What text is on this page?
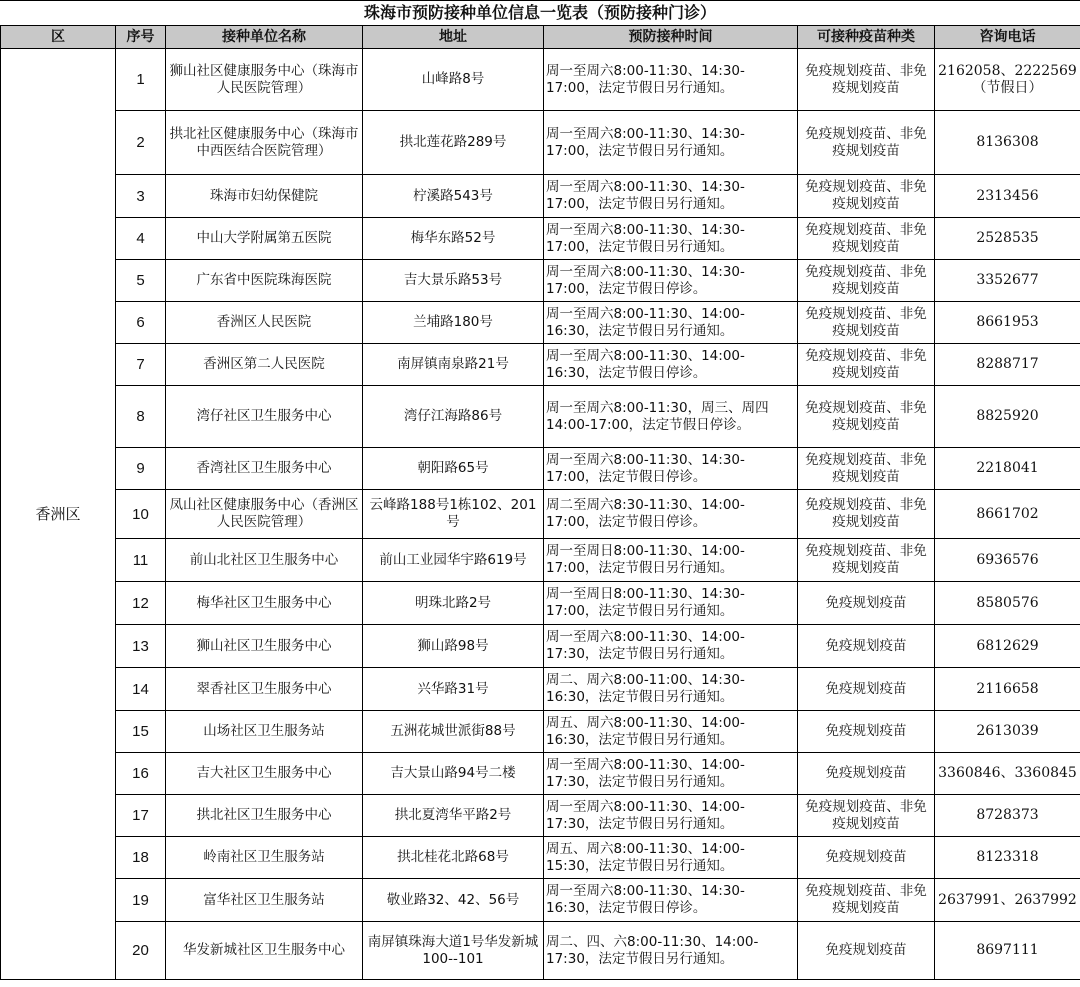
珠海市预防接种单位信息一览表（预防接种门诊）
区	序号	接种单位名称	地址	预防接种时间	可接种疫苗种类	咨询电话
香洲区	1	狮山社区健康服务中心（珠海市人民医院管理）	山峰路8号	周一至周六8:00-11:30、14:30-17:00，法定节假日另行通知。	免疫规划疫苗、非免疫规划疫苗	2162058、2222569（节假日）
	2	拱北社区健康服务中心（珠海市中西医结合医院管理）	拱北莲花路289号	周一至周六8:00-11:30、14:30-17:00，法定节假日另行通知。	免疫规划疫苗、非免疫规划疫苗	8136308
	3	珠海市妇幼保健院	柠溪路543号	周一至周六8:00-11:30、14:30-17:00，法定节假日另行通知。	免疫规划疫苗、非免疫规划疫苗	2313456
	4	中山大学附属第五医院	梅华东路52号	周一至周六8:00-11:30、14:30-17:00，法定节假日另行通知。	免疫规划疫苗、非免疫规划疫苗	2528535
	5	广东省中医院珠海医院	吉大景乐路53号	周一至周六8:00-11:30、14:30-17:00，法定节假日停诊。	免疫规划疫苗、非免疫规划疫苗	3352677
	6	香洲区人民医院	兰埔路180号	周一至周六8:00-11:30、14:00-16:30，法定节假日另行通知。	免疫规划疫苗、非免疫规划疫苗	8661953
	7	香洲区第二人民医院	南屏镇南泉路21号	周一至周六8:00-11:30、14:00-16:30，法定节假日停诊。	免疫规划疫苗、非免疫规划疫苗	8288717
	8	湾仔社区卫生服务中心	湾仔江海路86号	周一至周六8:00-11:30，周三、周四14:00-17:00，法定节假日停诊。	免疫规划疫苗、非免疫规划疫苗	8825920
	9	香湾社区卫生服务中心	朝阳路65号	周一至周六8:00-11:30、14:30-17:00，法定节假日停诊。	免疫规划疫苗、非免疫规划疫苗	2218041
	10	凤山社区健康服务中心（香洲区人民医院管理）	云峰路188号1栋102、201号	周二至周六8:30-11:30、14:00-17:00，法定节假日停诊。	免疫规划疫苗、非免疫规划疫苗	8661702
	11	前山北社区卫生服务中心	前山工业园华宇路619号	周一至周日8:00-11:30、14:00-17:00，法定节假日另行通知。	免疫规划疫苗、非免疫规划疫苗	6936576
	12	梅华社区卫生服务中心	明珠北路2号	周一至周日8:00-11:30、14:30-17:00，法定节假日另行通知。	免疫规划疫苗	8580576
	13	狮山社区卫生服务中心	狮山路98号	周一至周六8:00-11:30、14:00-17:30，法定节假日另行通知。	免疫规划疫苗	6812629
	14	翠香社区卫生服务中心	兴华路31号	周二、周六8:00-11:00、14:30-16:30，法定节假日另行通知。	免疫规划疫苗	2116658
	15	山场社区卫生服务站	五洲花城世派街88号	周五、周六8:00-11:30、14:00-16:30，法定节假日另行通知。	免疫规划疫苗	2613039
	16	吉大社区卫生服务中心	吉大景山路94号二楼	周一至周六8:00-11:30、14:00-17:30，法定节假日另行通知。	免疫规划疫苗	3360846、3360845
	17	拱北社区卫生服务中心	拱北夏湾华平路2号	周一至周六8:00-11:30、14:00-17:30，法定节假日另行通知。	免疫规划疫苗、非免疫规划疫苗	8728373
	18	岭南社区卫生服务站	拱北桂花北路68号	周五、周六8:00-11:30、14:00-15:30，法定节假日另行通知。	免疫规划疫苗	8123318
	19	富华社区卫生服务站	敬业路32、42、56号	周一至周六8:00-11:30、14:30-16:30，法定节假日停诊。	免疫规划疫苗、非免疫规划疫苗	2637991、2637992
	20	华发新城社区卫生服务中心	南屏镇珠海大道1号华发新城100--101	周二、四、六8:00-11:30、14:00-17:30，法定节假日另行通知。	免疫规划疫苗	8697111
